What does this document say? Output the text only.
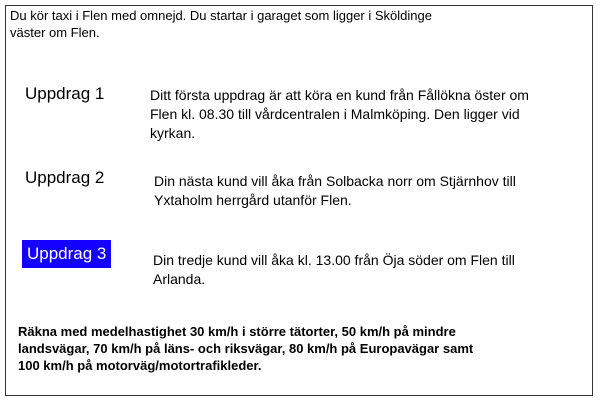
Du kör taxi i Flen med omnejd. Du startar i garaget som ligger i Sköldinge
väster om Flen.
Uppdrag 1	Ditt första uppdrag är att köra en kund från Fållökna öster om
Flen kl. 08.30 till vårdcentralen i Malmköping. Den ligger vid
kyrkan.
Uppdrag 2	Din nästa kund vill åka från Solbacka norr om Stjärnhov till
Yxtaholm herrgård utanför Flen.
Uppdrag 3	Din tredje kund vill åka kl. 13.00 från Öja söder om Flen till
Arlanda.
Räkna med medelhastighet 30 km/h i större tätorter, 50 km/h på mindre
landsvägar, 70 km/h på läns- och riksvägar, 80 km/h på Europavägar samt
100 km/h på motorväg/motortrafikleder.
